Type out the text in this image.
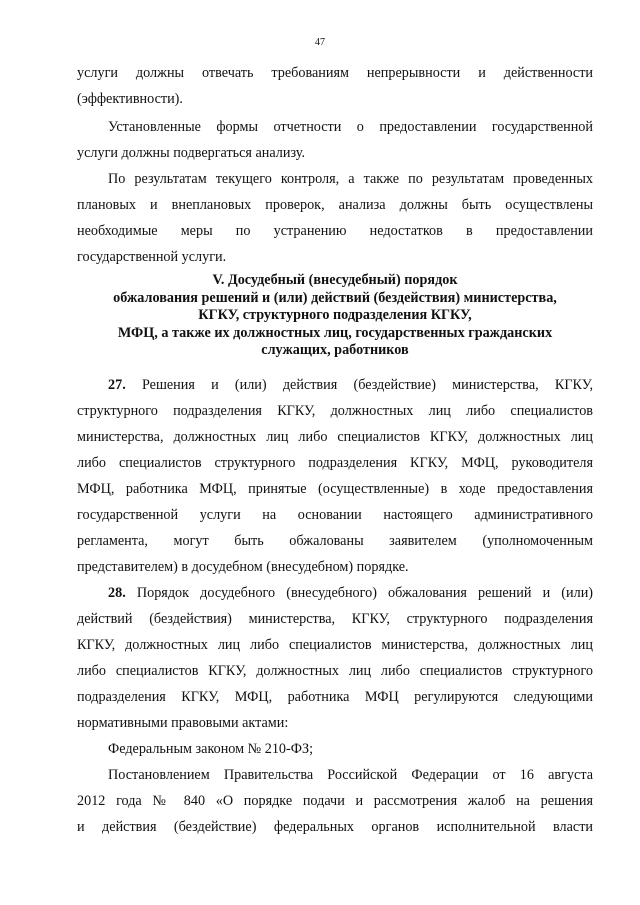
47
услуги должны отвечать требованиям непрерывности и действенности
(эффективности).
Установленные формы отчетности о предоставлении государственной
услуги должны подвергаться анализу.
По результатам текущего контроля, а также по результатам проведенных
плановых и внеплановых проверок, анализа должны быть осуществлены
необходимые меры по устранению недостатков в предоставлении
государственной услуги.
V. Досудебный (внесудебный) порядок
обжалования решений и (или) действий (бездействия) министерства,
КГКУ, структурного подразделения КГКУ,
МФЦ, а также их должностных лиц, государственных гражданских
служащих, работников
27. Решения и (или) действия (бездействие) министерства, КГКУ,
структурного подразделения КГКУ, должностных лиц либо специалистов
министерства, должностных лиц либо специалистов КГКУ, должностных лиц
либо специалистов структурного подразделения КГКУ, МФЦ, руководителя
МФЦ, работника МФЦ, принятые (осуществленные) в ходе предоставления
государственной услуги на основании настоящего административного
регламента, могут быть обжалованы заявителем (уполномоченным
представителем) в досудебном (внесудебном) порядке.
28. Порядок досудебного (внесудебного) обжалования решений и (или)
действий (бездействия) министерства, КГКУ, структурного подразделения
КГКУ, должностных лиц либо специалистов министерства, должностных лиц
либо специалистов КГКУ, должностных лиц либо специалистов структурного
подразделения КГКУ, МФЦ, работника МФЦ регулируются следующими
нормативными правовыми актами:
Федеральным законом № 210-ФЗ;
Постановлением Правительства Российской Федерации от 16 августа
2012 года № 840 «О порядке подачи и рассмотрения жалоб на решения
и действия (бездействие) федеральных органов исполнительной власти
